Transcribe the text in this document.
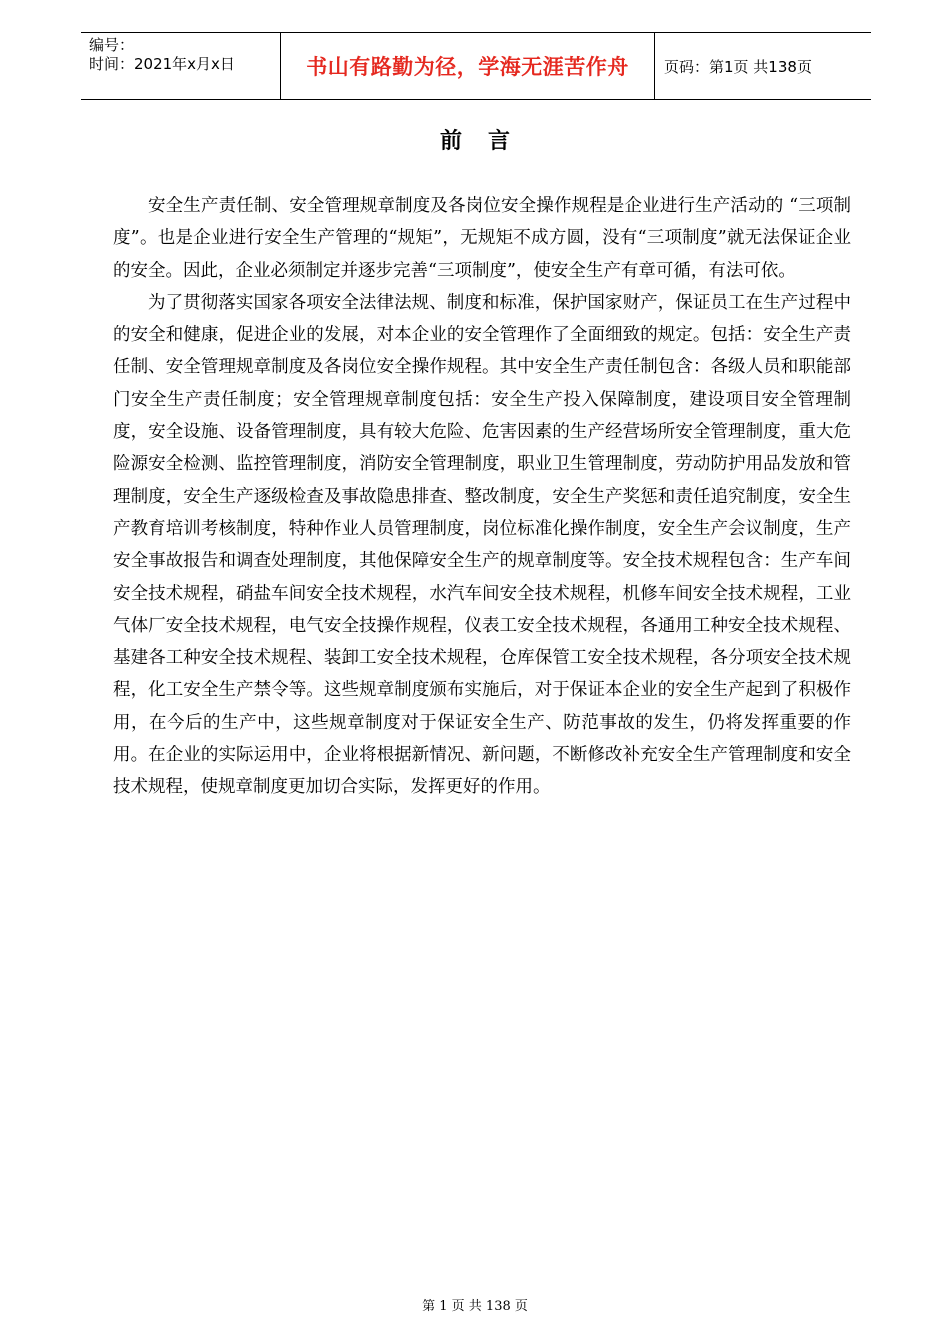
编号：
时间：2021年x月x日	书山有路勤为径，学海无涯苦作舟	页码：第1页 共138页
前言

安全生产责任制、安全管理规章制度及各岗位安全操作规程是企业进行生产活动的 “三项制度”。也是企业进行安全生产管理的“规矩”，无规矩不成方圆，没有“三项制度”就无法保证企业的安全。因此，企业必须制定并逐步完善“三项制度”，使安全生产有章可循，有法可依。

为了贯彻落实国家各项安全法律法规、制度和标准，保护国家财产，保证员工在生产过程中的安全和健康，促进企业的发展，对本企业的安全管理作了全面细致的规定。包括：安全生产责任制、安全管理规章制度及各岗位安全操作规程。其中安全生产责任制包含：各级人员和职能部门安全生产责任制度；安全管理规章制度包括：安全生产投入保障制度，建设项目安全管理制度，安全设施、设备管理制度，具有较大危险、危害因素的生产经营场所安全管理制度，重大危险源安全检测、监控管理制度，消防安全管理制度，职业卫生管理制度，劳动防护用品发放和管理制度，安全生产逐级检查及事故隐患排查、整改制度，安全生产奖惩和责任追究制度，安全生产教育培训考核制度，特种作业人员管理制度，岗位标准化操作制度，安全生产会议制度，生产安全事故报告和调查处理制度，其他保障安全生产的规章制度等。安全技术规程包含：生产车间安全技术规程，硝盐车间安全技术规程，水汽车间安全技术规程，机修车间安全技术规程，工业气体厂安全技术规程，电气安全技操作规程，仪表工安全技术规程，各通用工种安全技术规程、基建各工种安全技术规程、装卸工安全技术规程，仓库保管工安全技术规程，各分项安全技术规程，化工安全生产禁令等。这些规章制度颁布实施后，对于保证本企业的安全生产起到了积极作用，在今后的生产中，这些规章制度对于保证安全生产、防范事故的发生，仍将发挥重要的作用。在企业的实际运用中，企业将根据新情况、新问题，不断修改补充安全生产管理制度和安全技术规程，使规章制度更加切合实际，发挥更好的作用。

第 1 页 共 138 页
